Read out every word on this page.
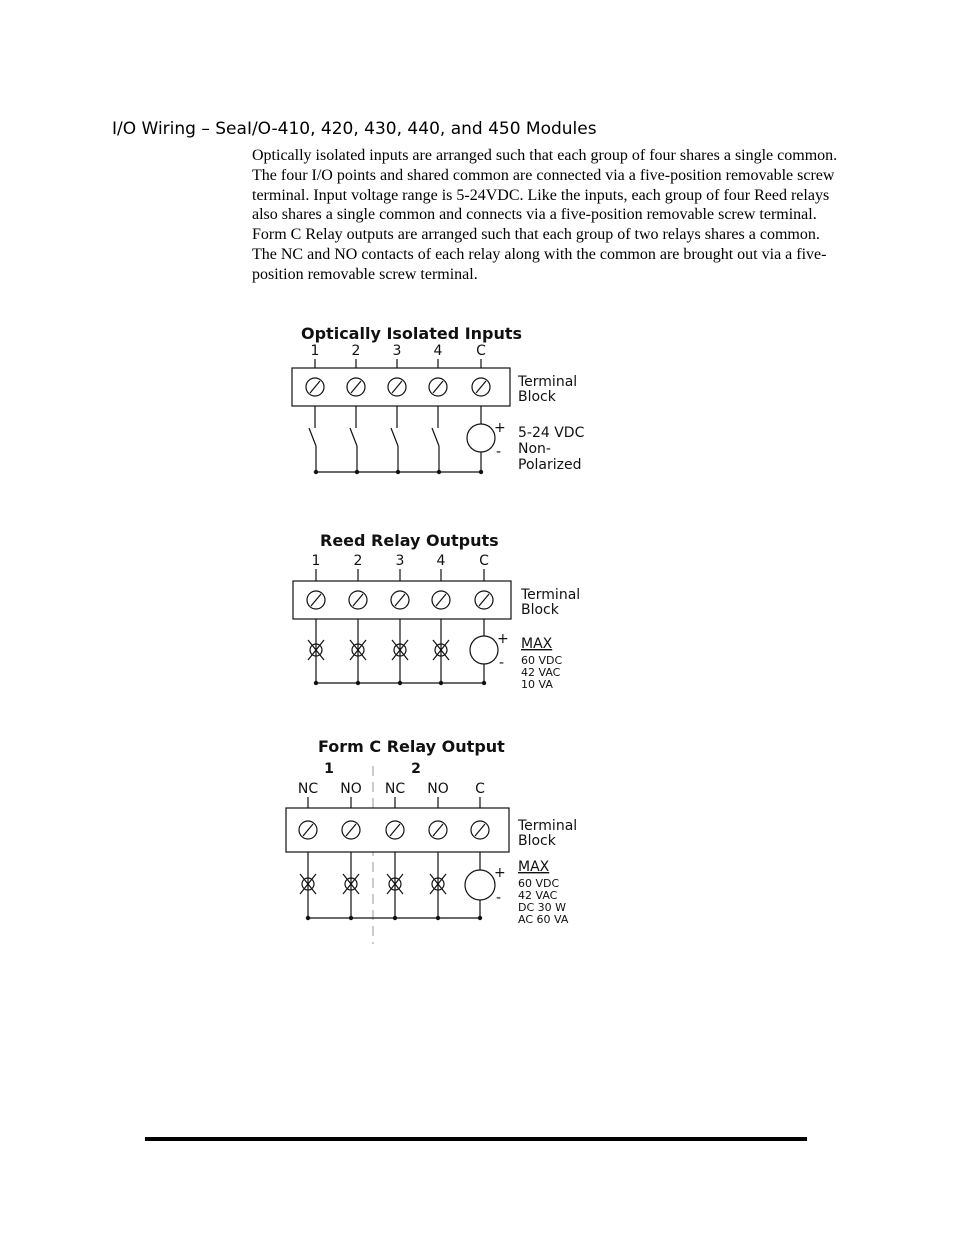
I/O Wiring – SeaI/O-410, 420, 430, 440, and 450 Modules
Optically isolated inputs are arranged such that each group of four shares a single common. The four I/O points and shared common are connected via a five-position removable screw terminal. Input voltage range is 5-24VDC. Like the inputs, each group of four Reed relays also shares a single common and connects via a five-position removable screw terminal. Form C Relay outputs are arranged such that each group of two relays shares a common. The NC and NO contacts of each relay along with the common are brought out via a five-position removable screw terminal.
Optically Isolated Inputs
1 2 3 4 C
Terminal
Block
+
-
5-24 VDC
Non-
Polarized
Reed Relay Outputs
1 2 3 4 C
Terminal
Block
+
-
MAX
60 VDC
42 VAC
10 VA
Form C Relay Output
1	2
NC NO NC NO C
Terminal
Block
+
-
MAX
60 VDC
42 VAC
DC 30 W
AC 60 VA
